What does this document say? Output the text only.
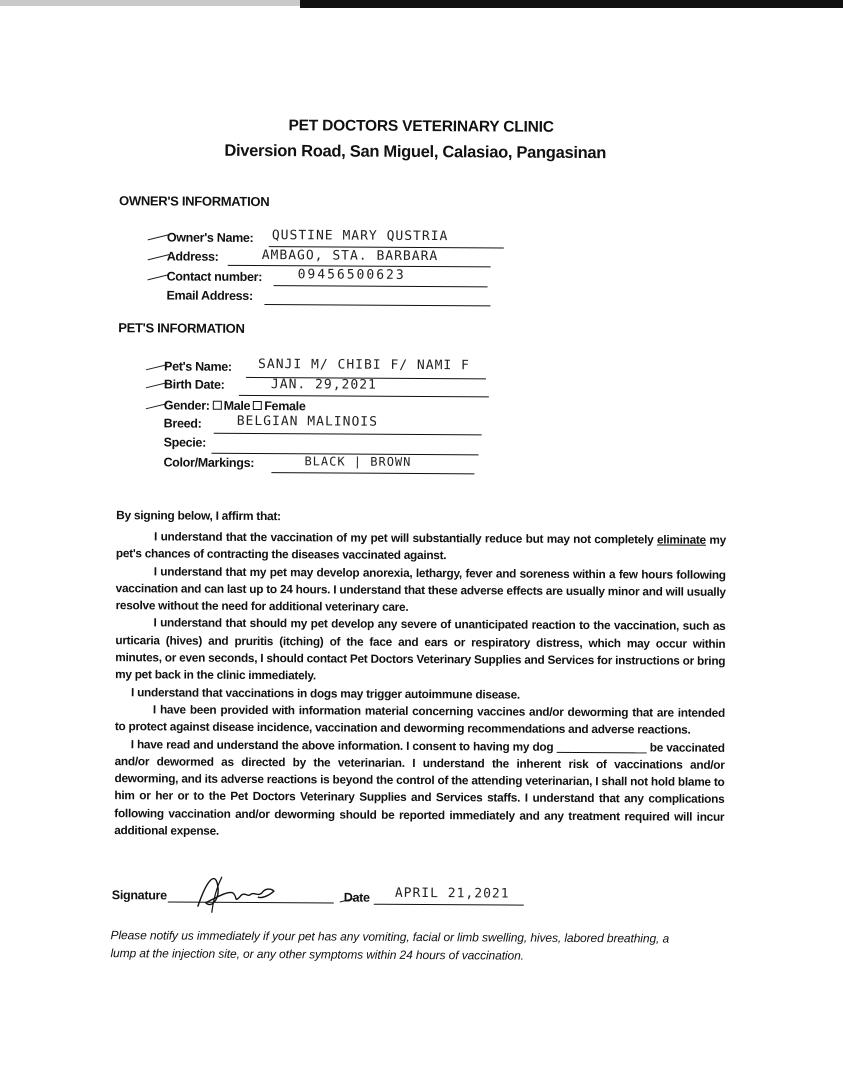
PET DOCTORS VETERINARY CLINIC
Diversion Road, San Miguel, Calasiao, Pangasinan
OWNER'S INFORMATION
Owner's Name: QUSTINE MARY QUSTRIA
Address:	AMBAGO, STA. BARBARA
Contact number:	09456500623
Email Address:
PET'S INFORMATION
Pet's Name: SANJI M/ CHIBI F/ NAMI F
Birth Date:	JAN. 29,2021
Gender: Male Female
Breed:	BELGIAN MALINOIS
Specie:
Color/Markings:	BLACK | BROWN
By signing below, I affirm that:

I understand that the vaccination of my pet will substantially reduce but may not completely eliminate my pet's chances of contracting the diseases vaccinated against.

I understand that my pet may develop anorexia, lethargy, fever and soreness within a few hours following vaccination and can last up to 24 hours. I understand that these adverse effects are usually minor and will usually resolve without the need for additional veterinary care.

I understand that should my pet develop any severe of unanticipated reaction to the vaccination, such as urticaria (hives) and pruritis (itching) of the face and ears or respiratory distress, which may occur within minutes, or even seconds, I should contact Pet Doctors Veterinary Supplies and Services for instructions or bring my pet back in the clinic immediately.

I understand that vaccinations in dogs may trigger autoimmune disease.

I have been provided with information material concerning vaccines and/or deworming that are intended to protect against disease incidence, vaccination and deworming recommendations and adverse reactions.

I have read and understand the above information. I consent to having my dog	be vaccinated and/or dewormed as directed by the veterinarian. I understand the inherent risk of vaccinations and/or deworming, and its adverse reactions is beyond the control of the attending veterinarian, I shall not hold blame to him or her or to the Pet Doctors Veterinary Supplies and Services staffs. I understand that any complications following vaccination and/or deworming should be reported immediately and any treatment required will incur additional expense.

Signature	Date APRIL 21,2021
Please notify us immediately if your pet has any vomiting, facial or limb swelling, hives, labored breathing, a lump at the injection site, or any other symptoms within 24 hours of vaccination.
